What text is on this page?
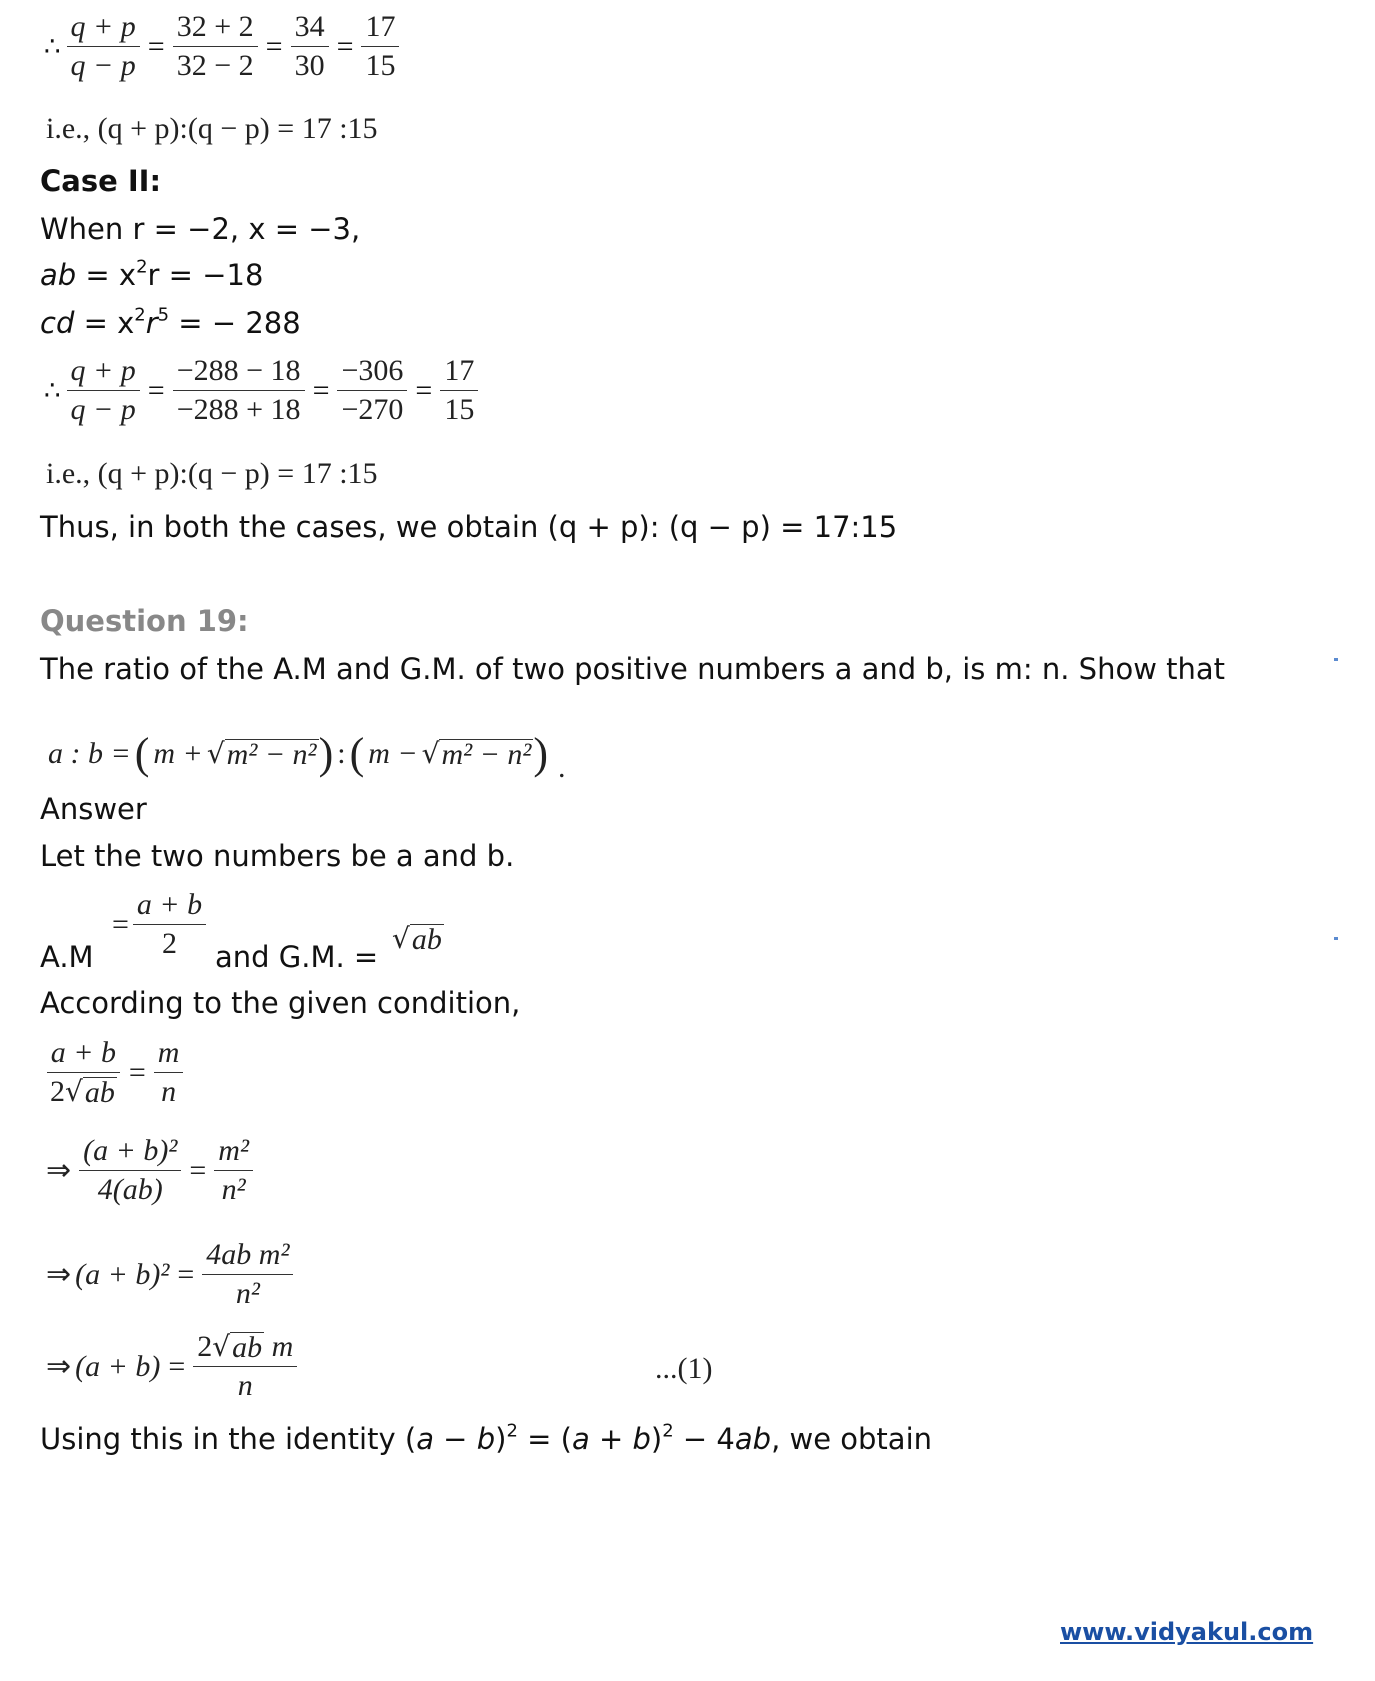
∴ $\frac{q + p}{q - p} = \frac{32 + 2}{32 - 2} = \frac{34}{30} = \frac{17}{15}$
i.e., (q + p):(q − p) = 17 :15
Case II:
When r = −2, x = −3,
ab = $x^2r = -18$
cd = $x^2r^5$ = − 288
∴ $\frac{q + p}{q - p} = \frac{-288 - 18}{-288 + 18} = \frac{-306}{-270} = \frac{17}{15}$
i.e., (q + p):(q − p) = 17 :15
Thus, in both the cases, we obtain (q + p): (q − p) = 17:15
Question 19:
The ratio of the A.M and G.M. of two positive numbers a and b, is m: n. Show that
a : b = ( m + √ m² − n² ) : ( m − √ m² − n² ) .
Answer
Let the two numbers be a and b.
A.M
= $\frac{a + b}{2}$ and G.M. =
√ ab
According to the given condition,
$\frac{a + b}{2 √ ab} = \frac{m}{n}$
⇒ $\frac{\text{(a + b)²}}{4(ab)} = \frac{\text{m²}}{\text{n²}}$
⇒ $(a + b)^2 = \frac{\text{4ab m²}}{\text{n²}}$
⇒ $(a + b) = \frac{\text{2 √ ab m}}{n}$	...(1)
Using this in the identity $(a - b)^2 = (a + b)^2 - 4ab$, we obtain
www.vidyakul.com
